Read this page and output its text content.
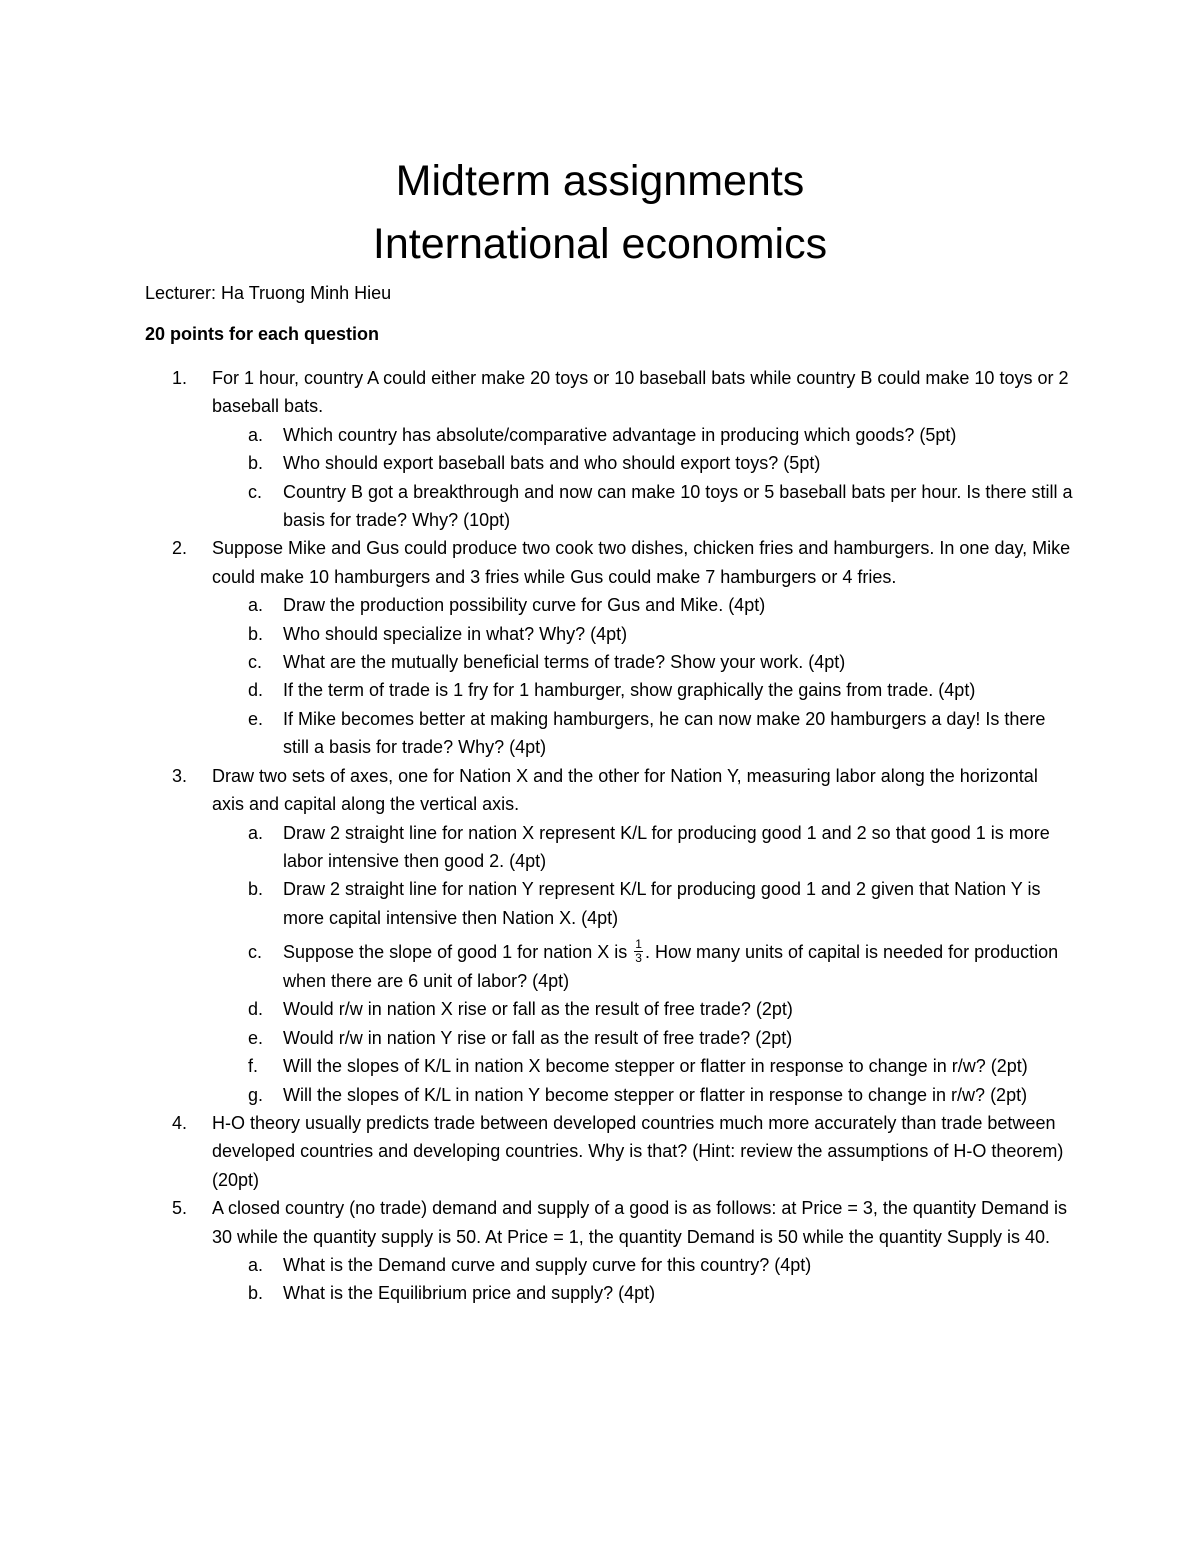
Midterm assignments
International economics
Lecturer: Ha Truong Minh Hieu
20 points for each question
1.	For 1 hour, country A could either make 20 toys or 10 baseball bats while country B could make 10 toys or 2 baseball bats.
a.	Which country has absolute/comparative advantage in producing which goods? (5pt)
b.	Who should export baseball bats and who should export toys? (5pt)
c.	Country B got a breakthrough and now can make 10 toys or 5 baseball bats per hour. Is there still a basis for trade? Why? (10pt)
2.	Suppose Mike and Gus could produce two cook two dishes, chicken fries and hamburgers. In one day, Mike could make 10 hamburgers and 3 fries while Gus could make 7 hamburgers or 4 fries.
a.	Draw the production possibility curve for Gus and Mike. (4pt)
b.	Who should specialize in what? Why? (4pt)
c.	What are the mutually beneficial terms of trade? Show your work. (4pt)
d.	If the term of trade is 1 fry for 1 hamburger, show graphically the gains from trade. (4pt)
e.	If Mike becomes better at making hamburgers, he can now make 20 hamburgers a day! Is there still a basis for trade? Why? (4pt)
3.	Draw two sets of axes, one for Nation X and the other for Nation Y, measuring labor along the horizontal axis and capital along the vertical axis.
a.	Draw 2 straight line for nation X represent K/L for producing good 1 and 2 so that good 1 is more labor intensive then good 2. (4pt)
b.	Draw 2 straight line for nation Y represent K/L for producing good 1 and 2 given that Nation Y is more capital intensive then Nation X. (4pt)
c.	Suppose the slope of good 1 for nation X is $\frac{1}{3}$ . How many units of capital is needed for production when there are 6 unit of labor? (4pt)
d.	Would r/w in nation X rise or fall as the result of free trade? (2pt)
e.	Would r/w in nation Y rise or fall as the result of free trade? (2pt)
f.	Will the slopes of K/L in nation X become stepper or flatter in response to change in r/w? (2pt)
g.	Will the slopes of K/L in nation Y become stepper or flatter in response to change in r/w? (2pt)
4.	H-O theory usually predicts trade between developed countries much more accurately than trade between developed countries and developing countries. Why is that? (Hint: review the assumptions of H-O theorem) (20pt)
5.	A closed country (no trade) demand and supply of a good is as follows: at Price = 3, the quantity Demand is 30 while the quantity supply is 50. At Price = 1, the quantity Demand is 50 while the quantity Supply is 40.
a.	What is the Demand curve and supply curve for this country? (4pt)
b.	What is the Equilibrium price and supply? (4pt)
